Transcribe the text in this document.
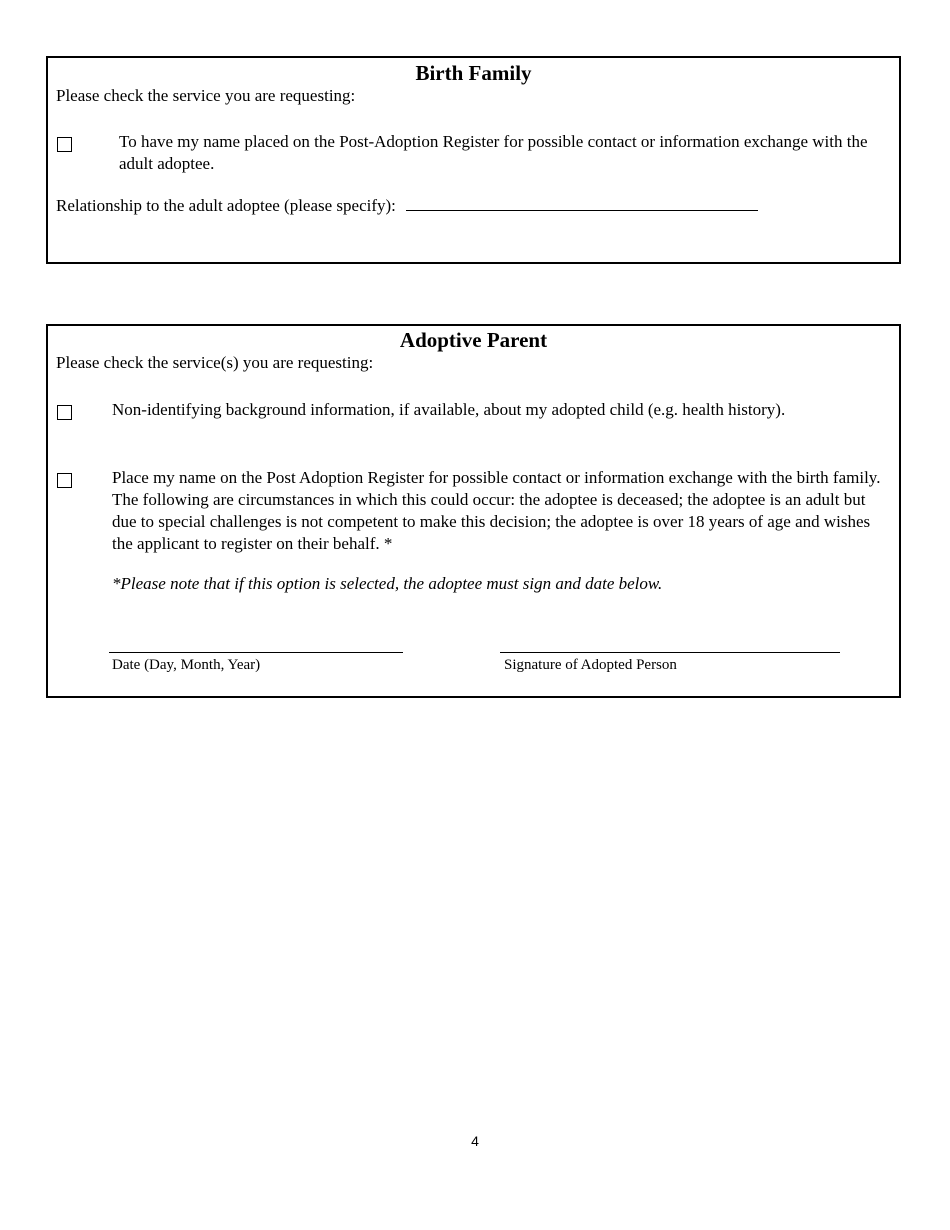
Birth Family
Please check the service you are requesting:
To have my name placed on the Post-Adoption Register for possible contact or information exchange with the adult adoptee.
Relationship to the adult adoptee (please specify):
Adoptive Parent
Please check the service(s) you are requesting:
Non-identifying background information, if available, about my adopted child (e.g. health history).
Place my name on the Post Adoption Register for possible contact or information exchange with the birth family. The following are circumstances in which this could occur: the adoptee is deceased; the adoptee is an adult but due to special challenges is not competent to make this decision; the adoptee is over 18 years of age and wishes the applicant to register on their behalf. *
*Please note that if this option is selected, the adoptee must sign and date below.
Date (Day, Month, Year)	Signature of Adopted Person
4
